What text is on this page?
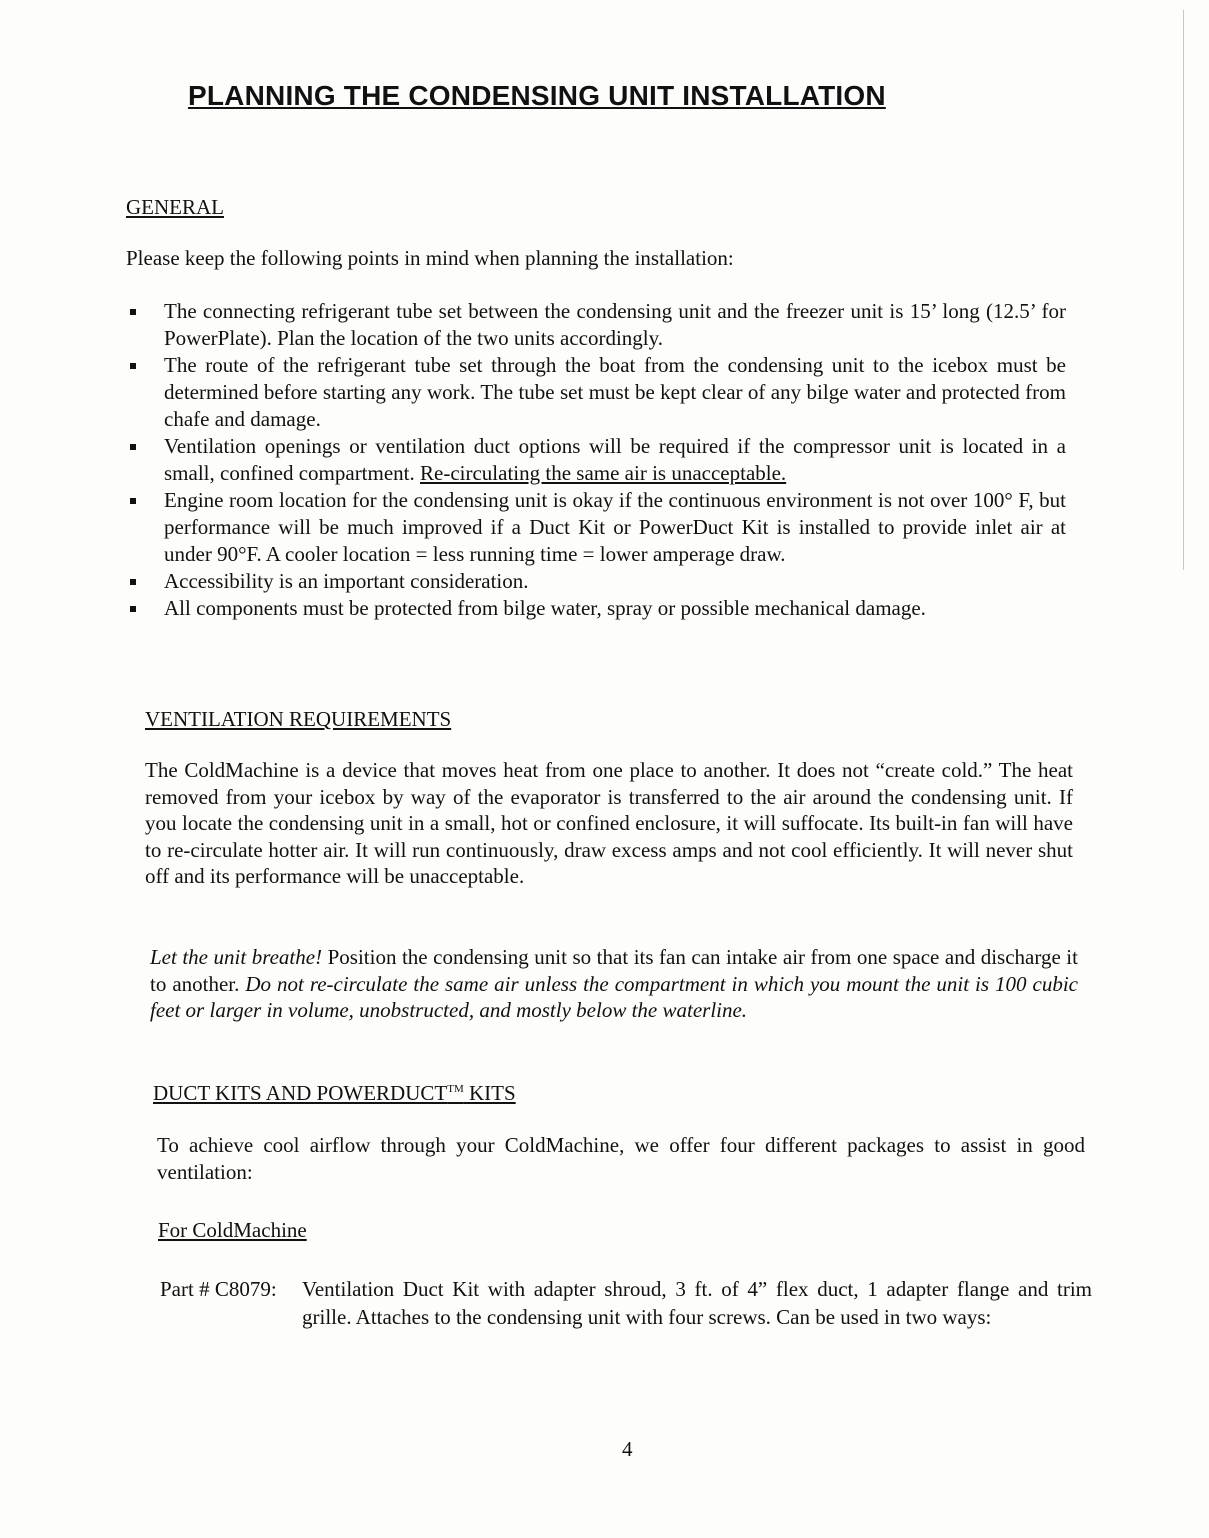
PLANNING THE CONDENSING UNIT INSTALLATION

GENERAL

Please keep the following points in mind when planning the installation:

The connecting refrigerant tube set between the condensing unit and the freezer unit is 15’ long (12.5’ for PowerPlate). Plan the location of the two units accordingly.
The route of the refrigerant tube set through the boat from the condensing unit to the icebox must be determined before starting any work. The tube set must be kept clear of any bilge water and protected from chafe and damage.
Ventilation openings or ventilation duct options will be required if the compressor unit is located in a small, confined compartment. Re-circulating the same air is unacceptable.
Engine room location for the condensing unit is okay if the continuous environment is not over 100° F, but performance will be much improved if a Duct Kit or PowerDuct Kit is installed to provide inlet air at under 90°F. A cooler location = less running time = lower amperage draw.
Accessibility is an important consideration.
All components must be protected from bilge water, spray or possible mechanical damage.

VENTILATION REQUIREMENTS

The ColdMachine is a device that moves heat from one place to another. It does not “create cold.” The heat removed from your icebox by way of the evaporator is transferred to the air around the condensing unit. If you locate the condensing unit in a small, hot or confined enclosure, it will suffocate. Its built-in fan will have to re-circulate hotter air. It will run continuously, draw excess amps and not cool efficiently. It will never shut off and its performance will be unacceptable.

Let the unit breathe! Position the condensing unit so that its fan can intake air from one space and discharge it to another. Do not re-circulate the same air unless the compartment in which you mount the unit is 100 cubic feet or larger in volume, unobstructed, and mostly below the waterline.

DUCT KITS AND POWERDUCT™ KITS

To achieve cool airflow through your ColdMachine, we offer four different packages to assist in good ventilation:

For ColdMachine

Part # C8079: Ventilation Duct Kit with adapter shroud, 3 ft. of 4” flex duct, 1 adapter flange and trim grille. Attaches to the condensing unit with four screws. Can be used in two ways:
4
